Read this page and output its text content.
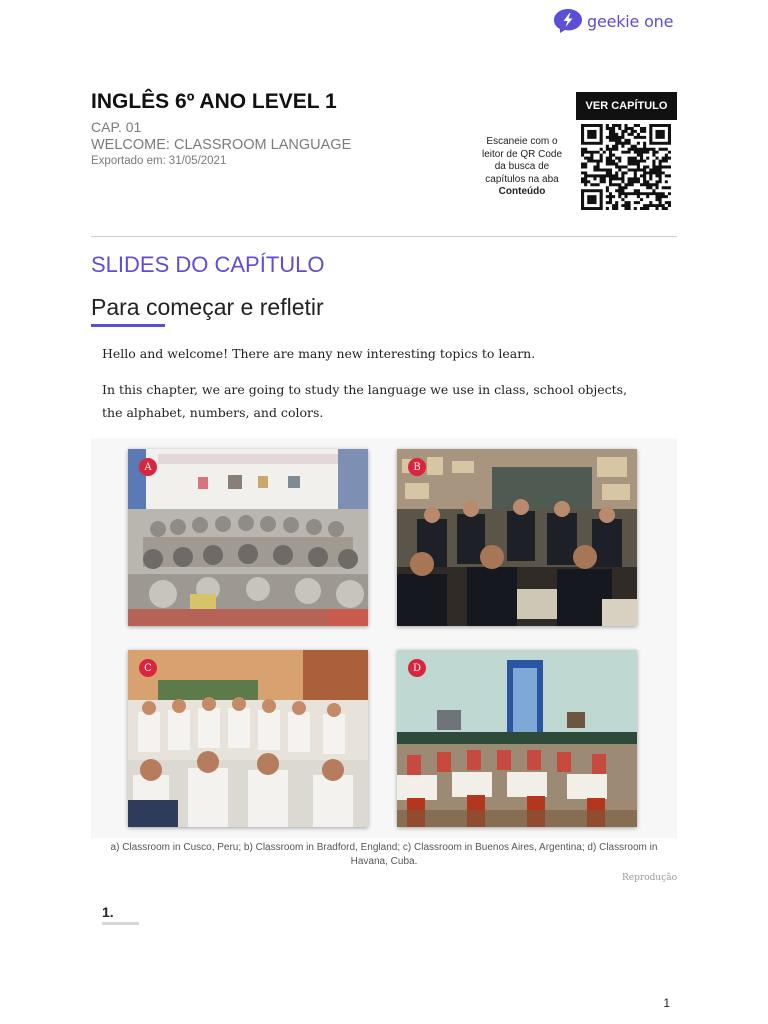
geekie one
INGLÊS 6º ANO LEVEL 1
CAP. 01
WELCOME: CLASSROOM LANGUAGE
Exportado em: 31/05/2021
VER CAPÍTULO
Escaneie com o leitor de QR Code da busca de capítulos na aba
Conteúdo
SLIDES DO CAPÍTULO
Para começar e refletir

Hello and welcome! There are many new interesting topics to learn.

In this chapter, we are going to study the language we use in class, school objects, the alphabet, numbers, and colors.

A	B
C	D

a) Classroom in Cusco, Peru; b) Classroom in Bradford, England; c) Classroom in Buenos Aires, Argentina; d) Classroom in Havana, Cuba.

Reprodução
1.
1
